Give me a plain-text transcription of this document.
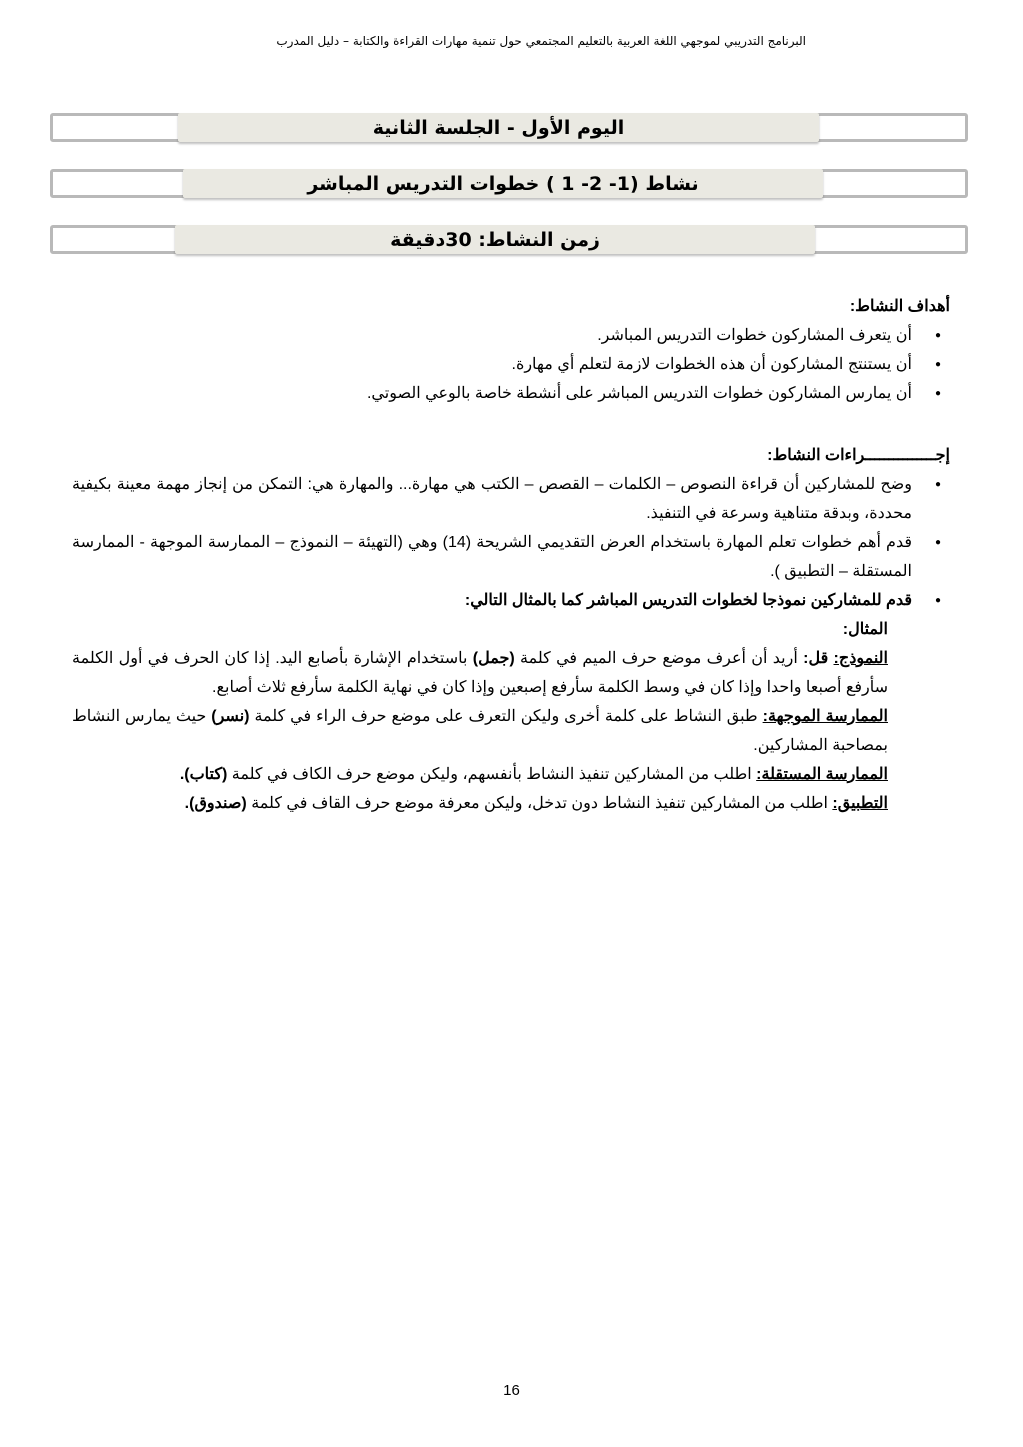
البرنامج التدريبي لموجهي اللغة العربية بالتعليم المجتمعي حول تنمية مهارات القراءة والكتابة – دليل المدرب
اليوم الأول - الجلسة الثانية
نشاط (1- 2- 1 ) خطوات التدريس المباشر
زمن النشاط: 30دقيقة
أهداف النشاط:
● أن يتعرف المشاركون خطوات التدريس المباشر.
● أن يستنتج المشاركون أن هذه الخطوات لازمة لتعلم أي مهارة.
● أن يمارس المشاركون خطوات التدريس المباشر على أنشطة خاصة بالوعي الصوتي.
إجـــــــــــــــراءات النشاط:
● وضح للمشاركين أن قراءة النصوص – الكلمات – القصص – الكتب هي مهارة... والمهارة هي: التمكن من إنجاز مهمة معينة بكيفية محددة، وبدقة متناهية وسرعة في التنفيذ.
● قدم أهم خطوات تعلم المهارة باستخدام العرض التقديمي الشريحة (14) وهي (التهيئة – النموذج – الممارسة الموجهة - الممارسة المستقلة – التطبيق ).
● قدم للمشاركين نموذجا لخطوات التدريس المباشر كما بالمثال التالي:
المثال:
النموذج: قل: أريد أن أعرف موضع حرف الميم في كلمة (جمل) باستخدام الإشارة بأصابع اليد. إذا كان الحرف في أول الكلمة سأرفع أصبعا واحدا وإذا كان في وسط الكلمة سأرفع إصبعين وإذا كان في نهاية الكلمة سأرفع ثلاث أصابع.
الممارسة الموجهة: طبق النشاط على كلمة أخرى وليكن التعرف على موضع حرف الراء في كلمة (نسر) حيث يمارس النشاط بمصاحبة المشاركين.
الممارسة المستقلة: اطلب من المشاركين تنفيذ النشاط بأنفسهم، وليكن موضع حرف الكاف في كلمة (كتاب).
التطبيق: اطلب من المشاركين تنفيذ النشاط دون تدخل، وليكن معرفة موضع حرف القاف في كلمة (صندوق).
16
